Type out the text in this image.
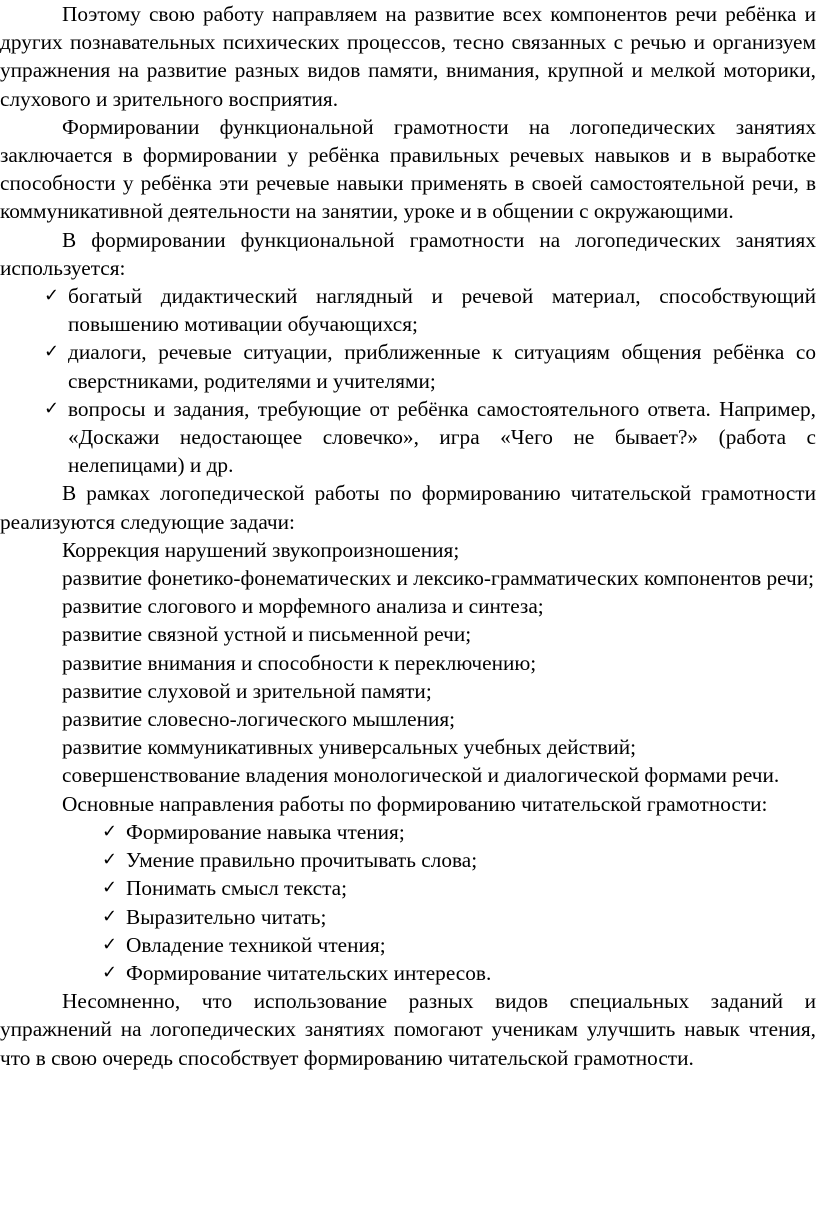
Поэтому свою работу направляем на развитие всех компонентов речи ребёнка и других познавательных психических процессов, тесно связанных с речью и организуем упражнения на развитие разных видов памяти, внимания, крупной и мелкой моторики, слухового и зрительного восприятия.

Формировании функциональной грамотности на логопедических занятиях заключается в формировании у ребёнка правильных речевых навыков и в выработке способности у ребёнка эти речевые навыки применять в своей самостоятельной речи, в коммуникативной деятельности на занятии, уроке и в общении с окружающими.

В формировании функциональной грамотности на логопедических занятиях используется:

✓ богатый дидактический наглядный и речевой материал, способствующий повышению мотивации обучающихся;
✓ диалоги, речевые ситуации, приближенные к ситуациям общения ребёнка со сверстниками, родителями и учителями;
✓ вопросы и задания, требующие от ребёнка самостоятельного ответа. Например, «Доскажи недостающее словечко», игра «Чего не бывает?» (работа с нелепицами) и др.

В рамках логопедической работы по формированию читательской грамотности реализуются следующие задачи:

Коррекция нарушений звукопроизношения;

развитие фонетико-фонематических и лексико-грамматических компонентов речи;

развитие слогового и морфемного анализа и синтеза;

развитие связной устной и письменной речи;

развитие внимания и способности к переключению;

развитие слуховой и зрительной памяти;

развитие словесно-логического мышления;

развитие коммуникативных универсальных учебных действий;

совершенствование владения монологической и диалогической формами речи.

Основные направления работы по формированию читательской грамотности:

✓ Формирование навыка чтения;
✓ Умение правильно прочитывать слова;
✓ Понимать смысл текста;
✓ Выразительно читать;
✓ Овладение техникой чтения;
✓ Формирование читательских интересов.

Несомненно, что использование разных видов специальных заданий и упражнений на логопедических занятиях помогают ученикам улучшить навык чтения, что в свою очередь способствует формированию читательской грамотности.
